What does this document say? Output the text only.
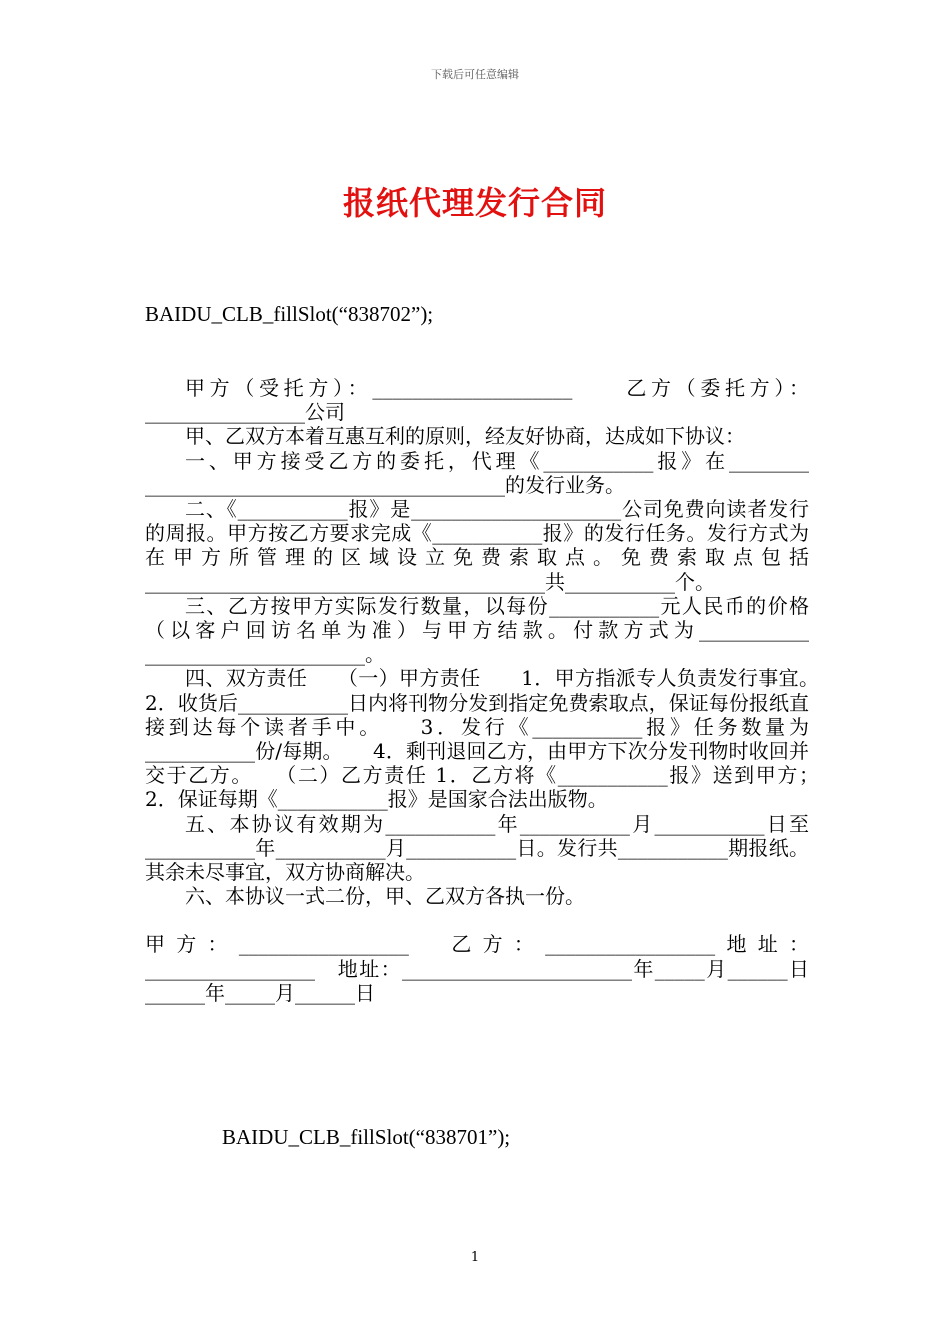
下载后可任意编辑
报纸代理发行合同
BAIDU_CLB_fillSlot(“838702”);

甲方（受托方）：____________________　　乙方（委托方）：________________公司

甲、乙双方本着互惠互利的原则，经友好协商，达成如下协议：

一、甲方接受乙方的委托，代理《___________报》在________ ____________________________________的发行业务。

二、《___________报》是_____________________公司免费向读者发行的周报。甲方按乙方要求完成《___________报》的发行任务。发行方式为在甲方所管理的区域设立免费索取点。免费索取点包括________________________________________共___________个。

三、乙方按甲方实际发行数量，以每份___________元人民币的价格（以客户回访名单为准）与甲方结款。付款方式为___________ ______________________。

四、双方责任　　（一）甲方责任　　1．甲方指派专人负责发行事宜。　　2．收货后___________日内将刊物分发到指定免费索取点，保证每份报纸直接到达每个读者手中。　　3．发行《___________报》任务数量为___________份/每期。　　4．剩刊退回乙方，由甲方下次分发刊物时收回并交于乙方。　　（二）乙方责任 1．乙方将《___________报》送到甲方；　　2．保证每期《___________报》是国家合法出版物。

五、本协议有效期为___________年___________月___________日至___________年___________月___________日。发行共___________期报纸。其余未尽事宜，双方协商解决。

六、本协议一式二份，甲、乙双方各执一份。

甲方：_________________　乙方：_________________地址：_________________　地址：_______________________年_____月______日　______年_____月______日

BAIDU_CLB_fillSlot(“838701”);
1
